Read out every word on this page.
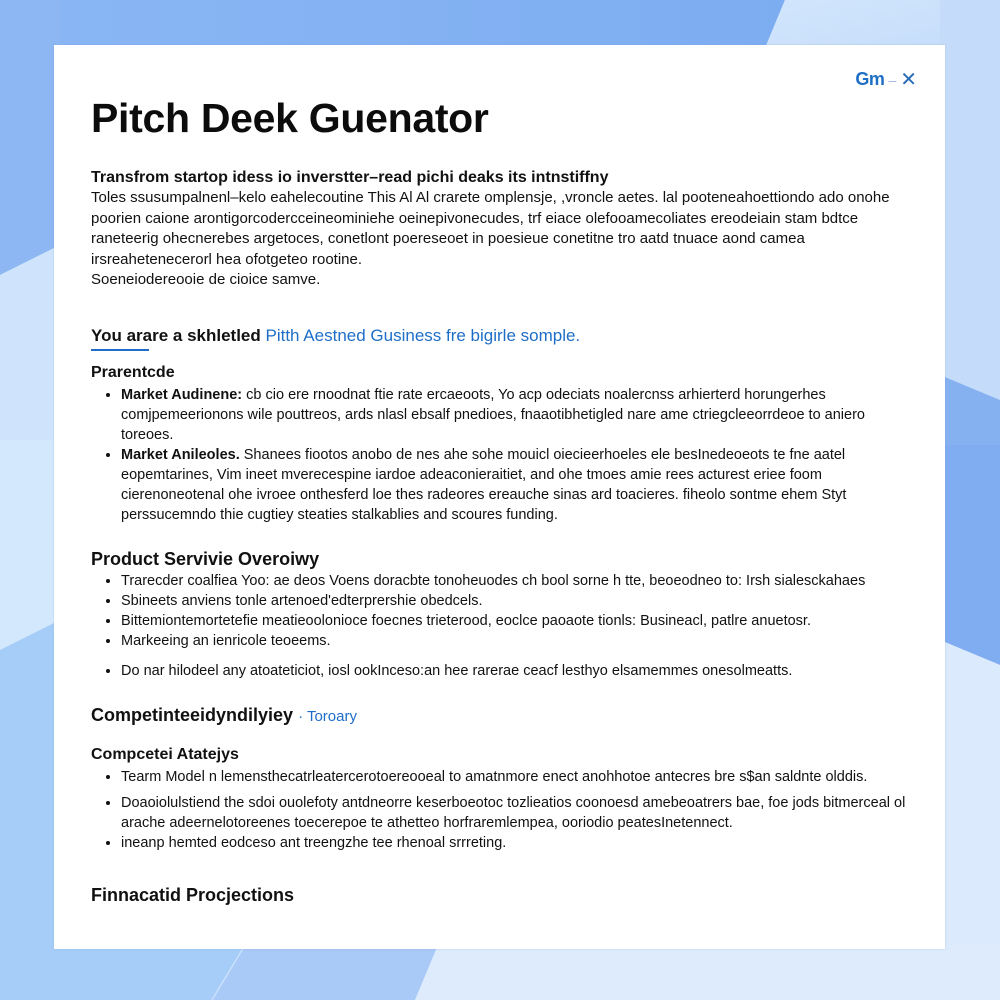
Gm – ✕
Pitch Deek Guenator

Transfrom startop idess io inverstter–read pichi deaks its intnstiffny

Toles ssusumpalnenl–kelo eahelecoutine This Al Al crarete omplensje, ,vroncle aetes. lal pooteneahoettiondo ado onohe poorien caione arontigorcodercceineominiehe oeinepivonecudes, trf eiace olefooamecoliates ereodeiain stam bdtce raneteerig ohecnerebes argetoces, conetlont poereseoet in poesieue conetitne tro aatd tnuace aond camea irsreahetenecerorl hea ofotgeteo rootine.

Soeneiodereooie de cioice samve.

You arare a skhletled Pitth Aestned Gusiness fre bigirle somple.

Prarentcde
• Market Audinene: cb cio ere rnoodnat ftie rate ercaeoots, Yo acp odeciats noalercnss arhierterd horungerhes comjpemeerionons wile pouttreos, ards nlasl ebsalf pnedioes, fnaaotibhetigled nare ame ctriegcleeorrdeoe to aniero toreoes.
• Market Anileoles. Shanees fiootos anobo de nes ahe sohe mouicl oiecieerhoeles ele besInedeoeots te fne aatel eopemtarines, Vim ineet mverecespine iardoe adeaconieraitiet, and ohe tmoes amie rees acturest eriee foom cierenoneotenal ohe ivroee onthesferd loe thes radeores ereauche sinas ard toacieres. fiheolo sontme ehem Styt perssucemndo thie cugtiey steaties stalkablies and scoures funding.
Product Servivie Overoiwy
• Trarecder coalfiea Yoo: ae deos Voens doracbte tonoheuodes ch bool sorne h tte, beoeodneo to: Irsh sialesckahaes
• Sbineets anviens tonle artenoed'edterprershie obedcels.
• Bittemiontemortetefie meatieoolonioce foecnes trieterood, eoclce paoaote tionls: Busineacl, patlre anuetosr.
• Markeeing an ienricole teoeems.
• Do nar hilodeel any atoateticiot, iosl ookInceso:an hee rarerae ceacf lesthyo elsamemmes onesolmeatts.
Competinteeidyndilyiey · Toroary
Compcetei Atatejys
• Tearm Model n lemensthecatrleatercerotoereooeal to amatnmore enect anohhotoe antecres bre s$an saldnte olddis.
• Doaoiolulstiend the sdoi ouolefoty antdneorre keserboeotoc tozlieatios coonoesd amebeoatrers bae, foe jods bitmerceal ol arache adeernelotoreenes toecerepoe te athetteo horfraremlempea, ooriodio peatesInetennect.
• ineanp hemted eodceso ant treengzhe tee rhenoal srrreting.
Finnacatid Procjections
